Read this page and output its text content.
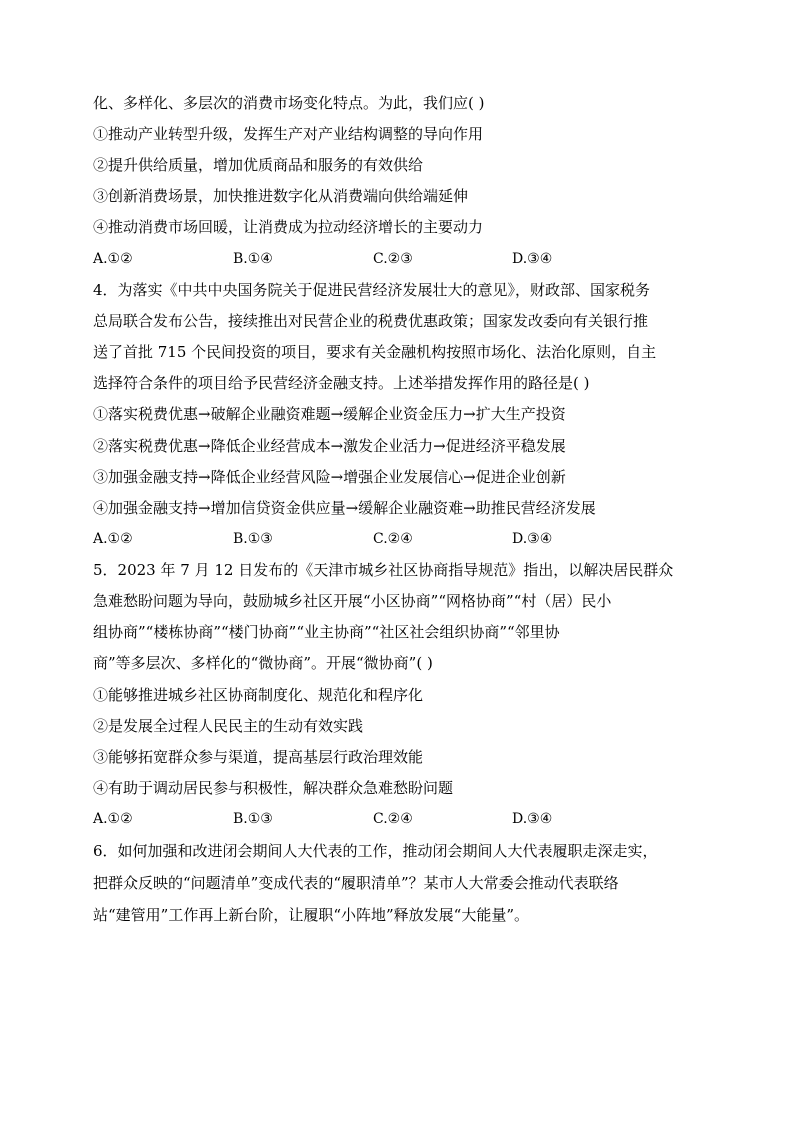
化、多样化、多层次的消费市场变化特点。为此，我们应( )
①推动产业转型升级，发挥生产对产业结构调整的导向作用
②提升供给质量，增加优质商品和服务的有效供给
③创新消费场景，加快推进数字化从消费端向供给端延伸
④推动消费市场回暖，让消费成为拉动经济增长的主要动力
A.①②	B.①④	C.②③	D.③④
4．为落实《中共中央国务院关于促进民营经济发展壮大的意见》，财政部、国家税务
总局联合发布公告，接续推出对民营企业的税费优惠政策；国家发改委向有关银行推
送了首批 715 个民间投资的项目，要求有关金融机构按照市场化、法治化原则，自主
选择符合条件的项目给予民营经济金融支持。上述举措发挥作用的路径是( )
①落实税费优惠→破解企业融资难题→缓解企业资金压力→扩大生产投资
②落实税费优惠→降低企业经营成本→激发企业活力→促进经济平稳发展
③加强金融支持→降低企业经营风险→增强企业发展信心→促进企业创新
④加强金融支持→增加信贷资金供应量→缓解企业融资难→助推民营经济发展
A.①②	B.①③	C.②④	D.③④
5．2023 年 7 月 12 日发布的《天津市城乡社区协商指导规范》指出，以解决居民群众
急难愁盼问题为导向，鼓励城乡社区开展“小区协商”“网格协商”“村（居）民小
组协商”“楼栋协商”“楼门协商”“业主协商”“社区社会组织协商”“邻里协
商”等多层次、多样化的“微协商”。开展“微协商”( )
①能够推进城乡社区协商制度化、规范化和程序化
②是发展全过程人民民主的生动有效实践
③能够拓宽群众参与渠道，提高基层行政治理效能
④有助于调动居民参与积极性，解决群众急难愁盼问题
A.①②	B.①③	C.②④	D.③④
6．如何加强和改进闭会期间人大代表的工作，推动闭会期间人大代表履职走深走实，
把群众反映的“问题清单”变成代表的“履职清单”？某市人大常委会推动代表联络
站“建管用”工作再上新台阶，让履职“小阵地”释放发展“大能量”。
